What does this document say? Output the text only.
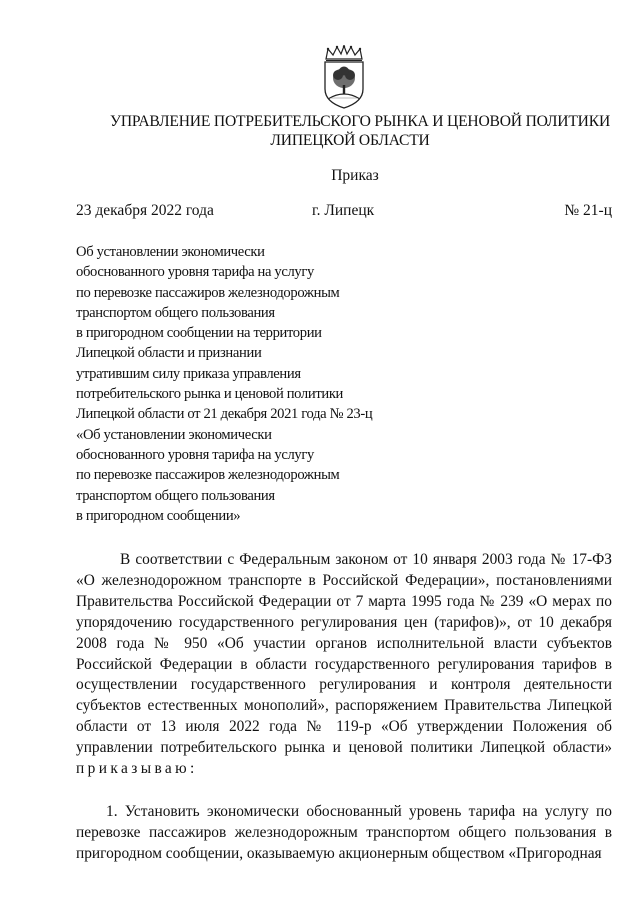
УПРАВЛЕНИЕ ПОТРЕБИТЕЛЬСКОГО РЫНКА И ЦЕНОВОЙ ПОЛИТИКИ
ЛИПЕЦКОЙ ОБЛАСТИ
Приказ
23 декабря 2022 года	г. Липецк	№ 21-ц
Об установлении экономически
обоснованного уровня тарифа на услугу
по перевозке пассажиров железнодорожным
транспортом общего пользования
в пригородном сообщении на территории
Липецкой области и признании
утратившим силу приказа управления
потребительского рынка и ценовой политики
Липецкой области от 21 декабря 2021 года № 23-ц
«Об установлении экономически
обоснованного уровня тарифа на услугу
по перевозке пассажиров железнодорожным
транспортом общего пользования
в пригородном сообщении»
В соответствии с Федеральным законом от 10 января 2003 года № 17-ФЗ «О железнодорожном транспорте в Российской Федерации», постановлениями Правительства Российской Федерации от 7 марта 1995 года № 239 «О мерах по упорядочению государственного регулирования цен (тарифов)», от 10 декабря 2008 года № 950 «Об участии органов исполнительной власти субъектов Российской Федерации в области государственного регулирования тарифов в осуществлении государственного регулирования и контроля деятельности субъектов естественных монополий», распоряжением Правительства Липецкой области от 13 июля 2022 года № 119-р «Об утверждении Положения об управлении потребительского рынка и ценовой политики Липецкой области» приказываю:
1. Установить экономически обоснованный уровень тарифа на услугу по перевозке пассажиров железнодорожным транспортом общего пользования в пригородном сообщении, оказываемую акционерным обществом «Пригородная
